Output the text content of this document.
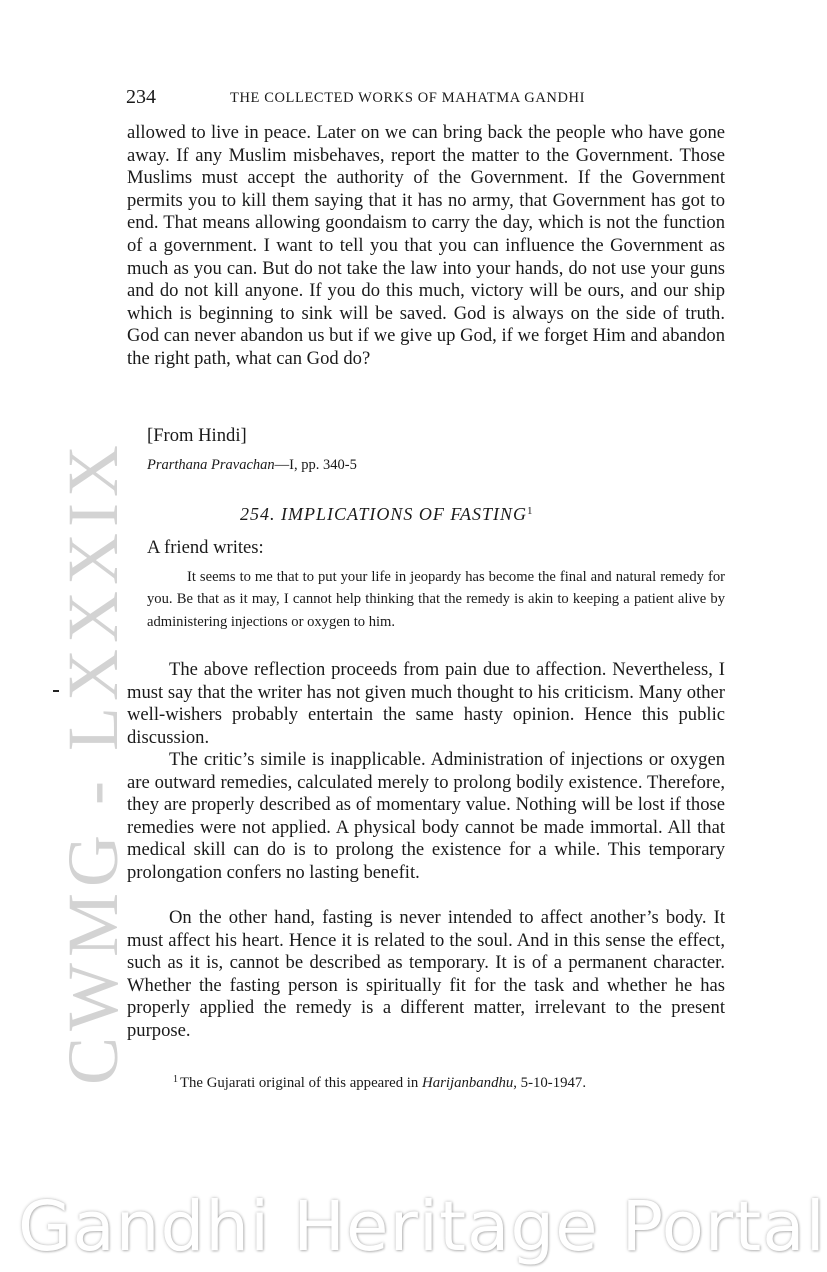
234	THE COLLECTED WORKS OF MAHATMA GANDHI

allowed to live in peace. Later on we can bring back the people who have gone away. If any Muslim misbehaves, report the matter to the Government. Those Muslims must accept the authority of the Government. If the Government permits you to kill them saying that it has no army, that Government has got to end. That means allowing goondaism to carry the day, which is not the function of a government. I want to tell you that you can influence the Government as much as you can. But do not take the law into your hands, do not use your guns and do not kill anyone. If you do this much, victory will be ours, and our ship which is beginning to sink will be saved. God is always on the side of truth. God can never abandon us but if we give up God, if we forget Him and abandon the right path, what can God do?

[From Hindi]
Prarthana Pravachan—I, pp. 340-5
254. IMPLICATIONS OF FASTING$^1$
A friend writes:

It seems to me that to put your life in jeopardy has become the final and natural remedy for you. Be that as it may, I cannot help thinking that the remedy is akin to keeping a patient alive by administering injections or oxygen to him.

The above reflection proceeds from pain due to affection. Nevertheless, I must say that the writer has not given much thought to his criticism. Many other well-wishers probably entertain the same hasty opinion. Hence this public discussion.

The critic’s simile is inapplicable. Administration of injections or oxygen are outward remedies, calculated merely to prolong bodily existence. Therefore, they are properly described as of momentary value. Nothing will be lost if those remedies were not applied. A physical body cannot be made immortal. All that medical skill can do is to prolong the existence for a while. This temporary prolongation confers no lasting benefit.

On the other hand, fasting is never intended to affect another’s body. It must affect his heart. Hence it is related to the soul. And in this sense the effect, such as it is, cannot be described as temporary. It is of a permanent character. Whether the fasting person is spiritually fit for the task and whether he has properly applied the remedy is a different matter, irrelevant to the present purpose.

$^1$ The Gujarati original of this appeared in Harijanbandhu, 5-10-1947.
CWMG - LXXXIX
Gandhi Heritage Portal
